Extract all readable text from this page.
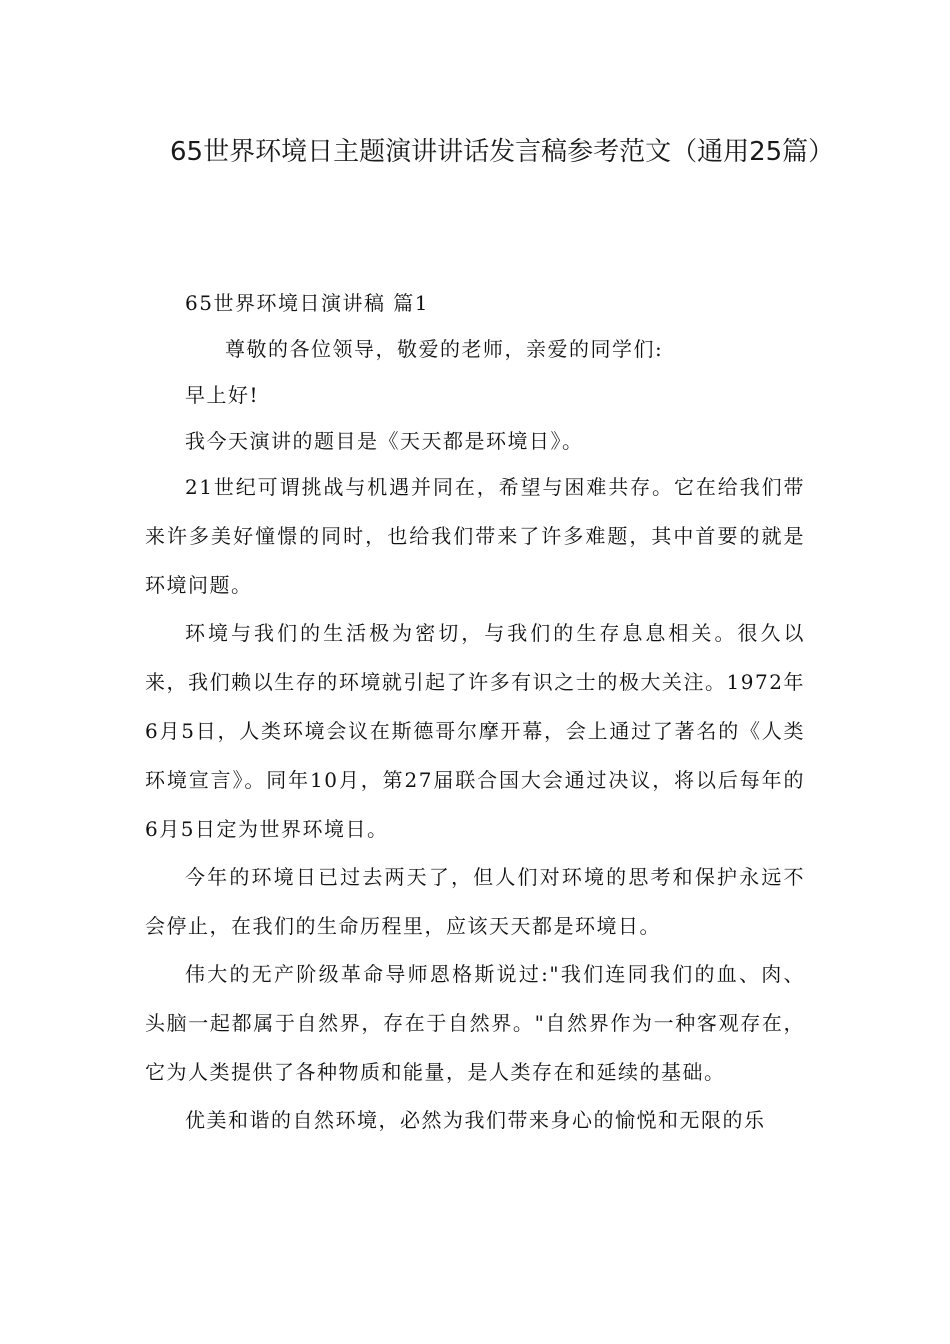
65世界环境日主题演讲讲话发言稿参考范文（通用25篇）

65世界环境日演讲稿 篇1

尊敬的各位领导，敬爱的老师，亲爱的同学们:

早上好!

我今天演讲的题目是《天天都是环境日》。

21世纪可谓挑战与机遇并同在，希望与困难共存。它在给我们带来许多美好憧憬的同时，也给我们带来了许多难题，其中首要的就是环境问题。

环境与我们的生活极为密切，与我们的生存息息相关。很久以来，我们赖以生存的环境就引起了许多有识之士的极大关注。1972年6月5日，人类环境会议在斯德哥尔摩开幕，会上通过了著名的《人类环境宣言》。同年10月，第27届联合国大会通过决议，将以后每年的6月5日定为世界环境日。

今年的环境日已过去两天了，但人们对环境的思考和保护永远不会停止，在我们的生命历程里，应该天天都是环境日。

伟大的无产阶级革命导师恩格斯说过:"我们连同我们的血、肉、头脑一起都属于自然界，存在于自然界。"自然界作为一种客观存在，它为人类提供了各种物质和能量，是人类存在和延续的基础。

优美和谐的自然环境，必然为我们带来身心的愉悦和无限的乐
